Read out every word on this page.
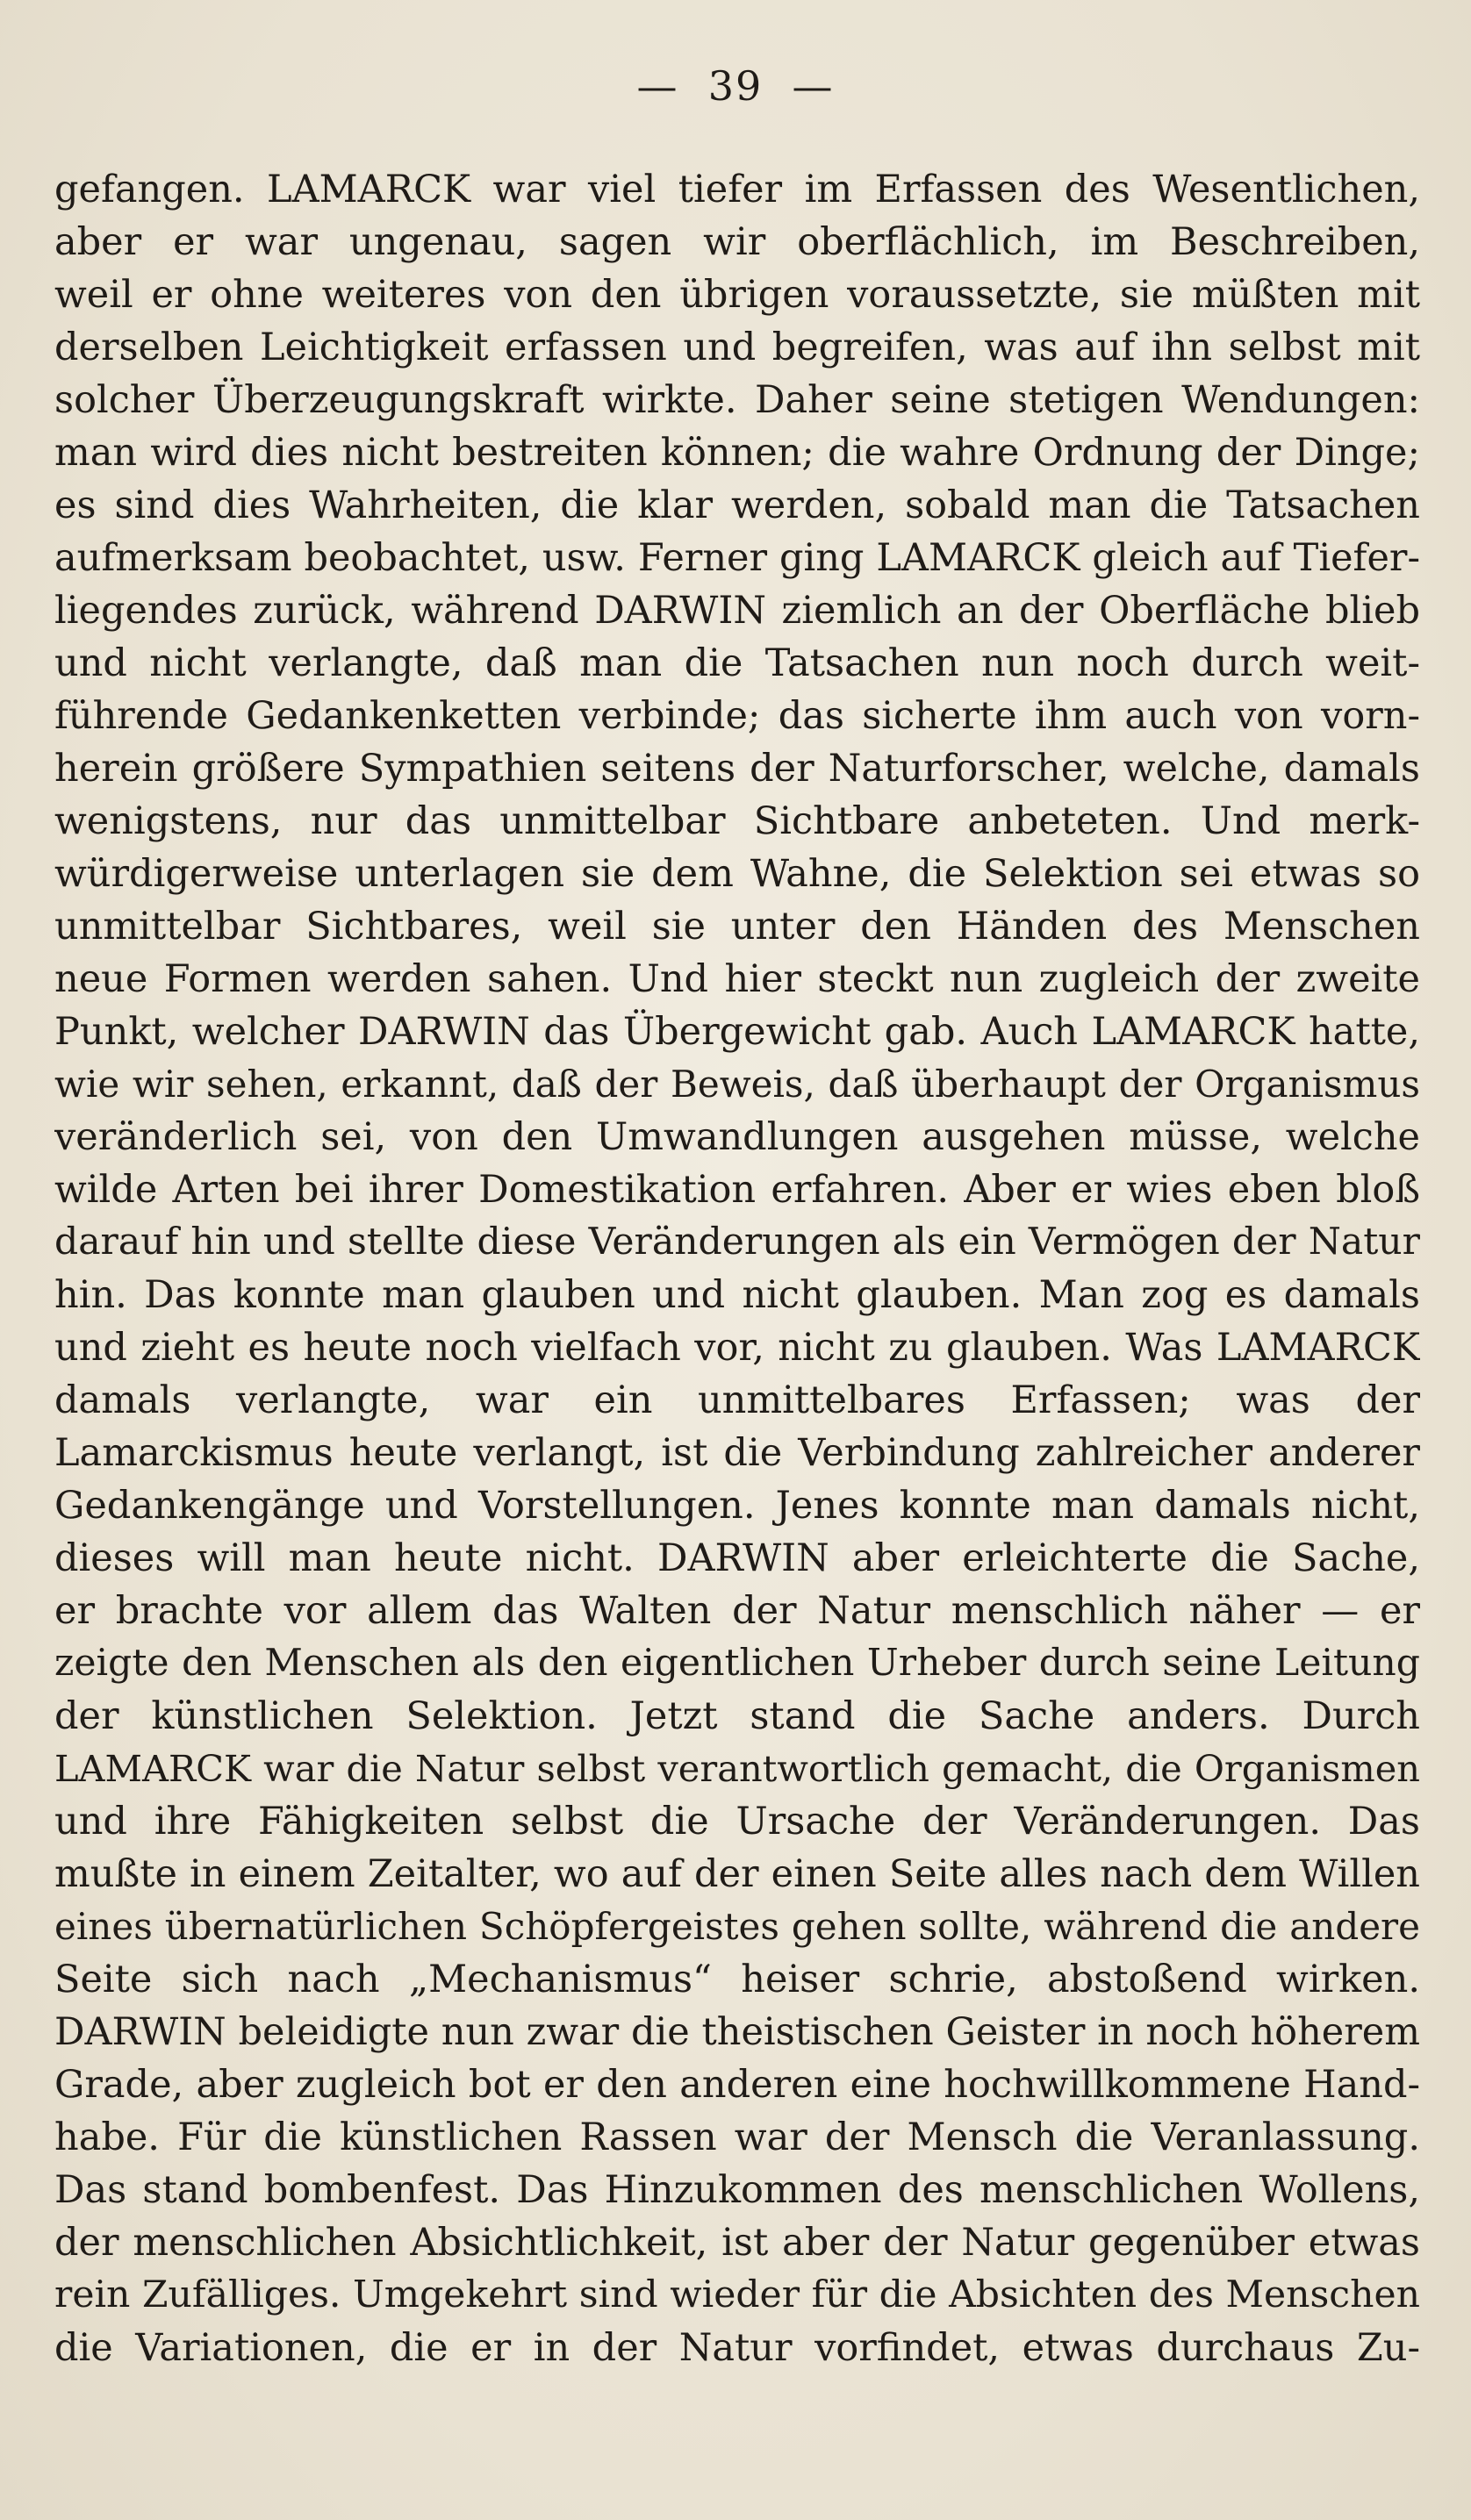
—  39  —
gefangen. LAMARCK war viel tiefer im Erfassen des Wesentlichen,
aber er war ungenau, sagen wir oberflächlich, im Beschreiben,
weil er ohne weiteres von den übrigen voraussetzte, sie müßten mit
derselben Leichtigkeit erfassen und begreifen, was auf ihn selbst mit
solcher Überzeugungskraft wirkte. Daher seine stetigen Wendungen:
man wird dies nicht bestreiten können; die wahre Ordnung der Dinge;
es sind dies Wahrheiten, die klar werden, sobald man die Tatsachen
aufmerksam beobachtet, usw. Ferner ging LAMARCK gleich auf Tiefer-
liegendes zurück, während DARWIN ziemlich an der Oberfläche blieb
und nicht verlangte, daß man die Tatsachen nun noch durch weit-
führende Gedankenketten verbinde; das sicherte ihm auch von vorn-
herein größere Sympathien seitens der Naturforscher, welche, damals
wenigstens, nur das unmittelbar Sichtbare anbeteten. Und merk-
würdigerweise unterlagen sie dem Wahne, die Selektion sei etwas so
unmittelbar Sichtbares, weil sie unter den Händen des Menschen
neue Formen werden sahen. Und hier steckt nun zugleich der zweite
Punkt, welcher DARWIN das Übergewicht gab. Auch LAMARCK hatte,
wie wir sehen, erkannt, daß der Beweis, daß überhaupt der Organismus
veränderlich sei, von den Umwandlungen ausgehen müsse, welche
wilde Arten bei ihrer Domestikation erfahren. Aber er wies eben bloß
darauf hin und stellte diese Veränderungen als ein Vermögen der Natur
hin. Das konnte man glauben und nicht glauben. Man zog es damals
und zieht es heute noch vielfach vor, nicht zu glauben. Was LAMARCK
damals verlangte, war ein unmittelbares Erfassen; was der
Lamarckismus heute verlangt, ist die Verbindung zahlreicher anderer
Gedankengänge und Vorstellungen. Jenes konnte man damals nicht,
dieses will man heute nicht. DARWIN aber erleichterte die Sache,
er brachte vor allem das Walten der Natur menschlich näher — er
zeigte den Menschen als den eigentlichen Urheber durch seine Leitung
der künstlichen Selektion. Jetzt stand die Sache anders. Durch
LAMARCK war die Natur selbst verantwortlich gemacht, die Organismen
und ihre Fähigkeiten selbst die Ursache der Veränderungen. Das
mußte in einem Zeitalter, wo auf der einen Seite alles nach dem Willen
eines übernatürlichen Schöpfergeistes gehen sollte, während die andere
Seite sich nach „Mechanismus“ heiser schrie, abstoßend wirken.
DARWIN beleidigte nun zwar die theistischen Geister in noch höherem
Grade, aber zugleich bot er den anderen eine hochwillkommene Hand-
habe. Für die künstlichen Rassen war der Mensch die Veranlassung.
Das stand bombenfest. Das Hinzukommen des menschlichen Wollens,
der menschlichen Absichtlichkeit, ist aber der Natur gegenüber etwas
rein Zufälliges. Umgekehrt sind wieder für die Absichten des Menschen
die Variationen, die er in der Natur vorfindet, etwas durchaus Zu-
